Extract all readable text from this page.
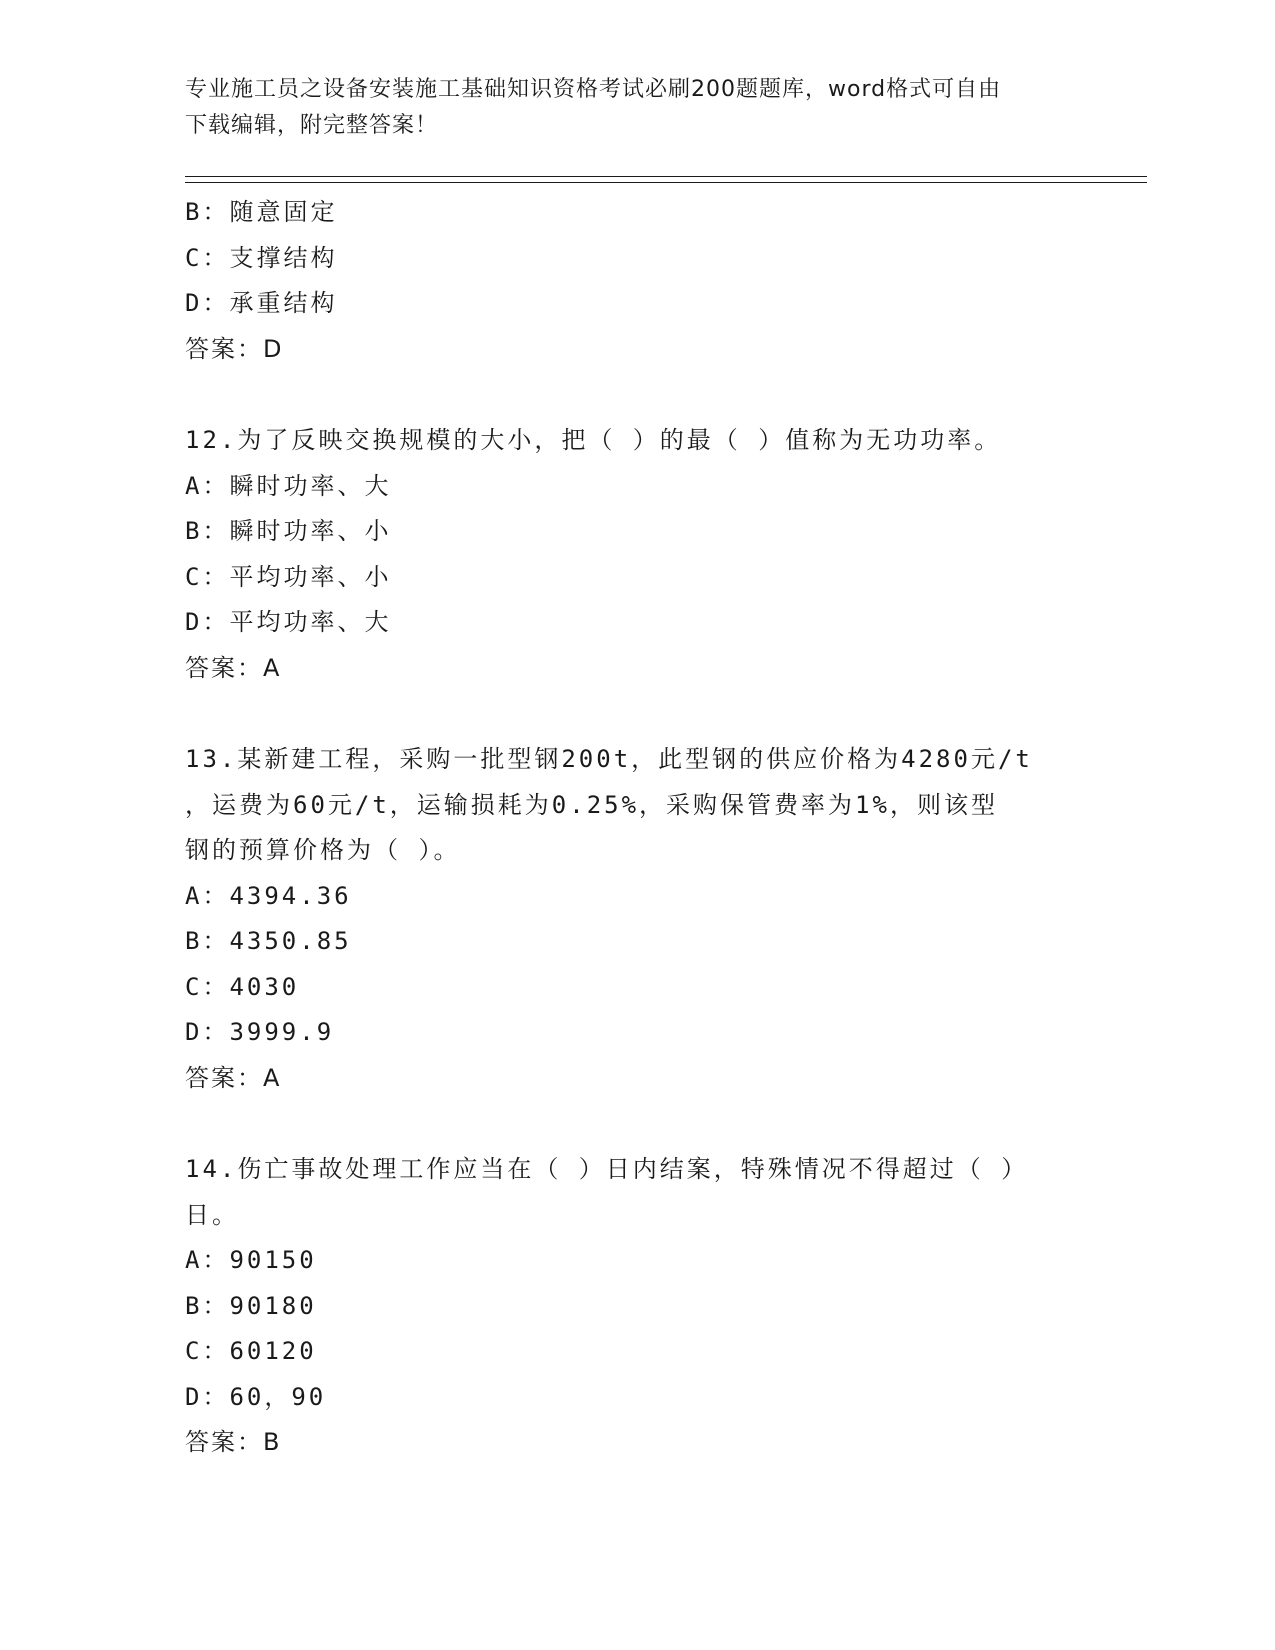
专业施工员之设备安装施工基础知识资格考试必刷200题题库，word格式可自由
下载编辑，附完整答案！
B：随意固定
C：支撑结构
D：承重结构
答案：D
12.为了反映交换规模的大小，把（ ）的最（ ）值称为无功功率。
A：瞬时功率、大
B：瞬时功率、小
C：平均功率、小
D：平均功率、大
答案：A
13.某新建工程，采购一批型钢200t，此型钢的供应价格为4280元/t
，运费为60元/t，运输损耗为0.25%，采购保管费率为1%，则该型
钢的预算价格为（ ）。
A：4394.36
B：4350.85
C：4030
D：3999.9
答案：A
14.伤亡事故处理工作应当在（ ）日内结案，特殊情况不得超过（ ）
日。
A：90150
B：90180
C：60120
D：60，90
答案：B
